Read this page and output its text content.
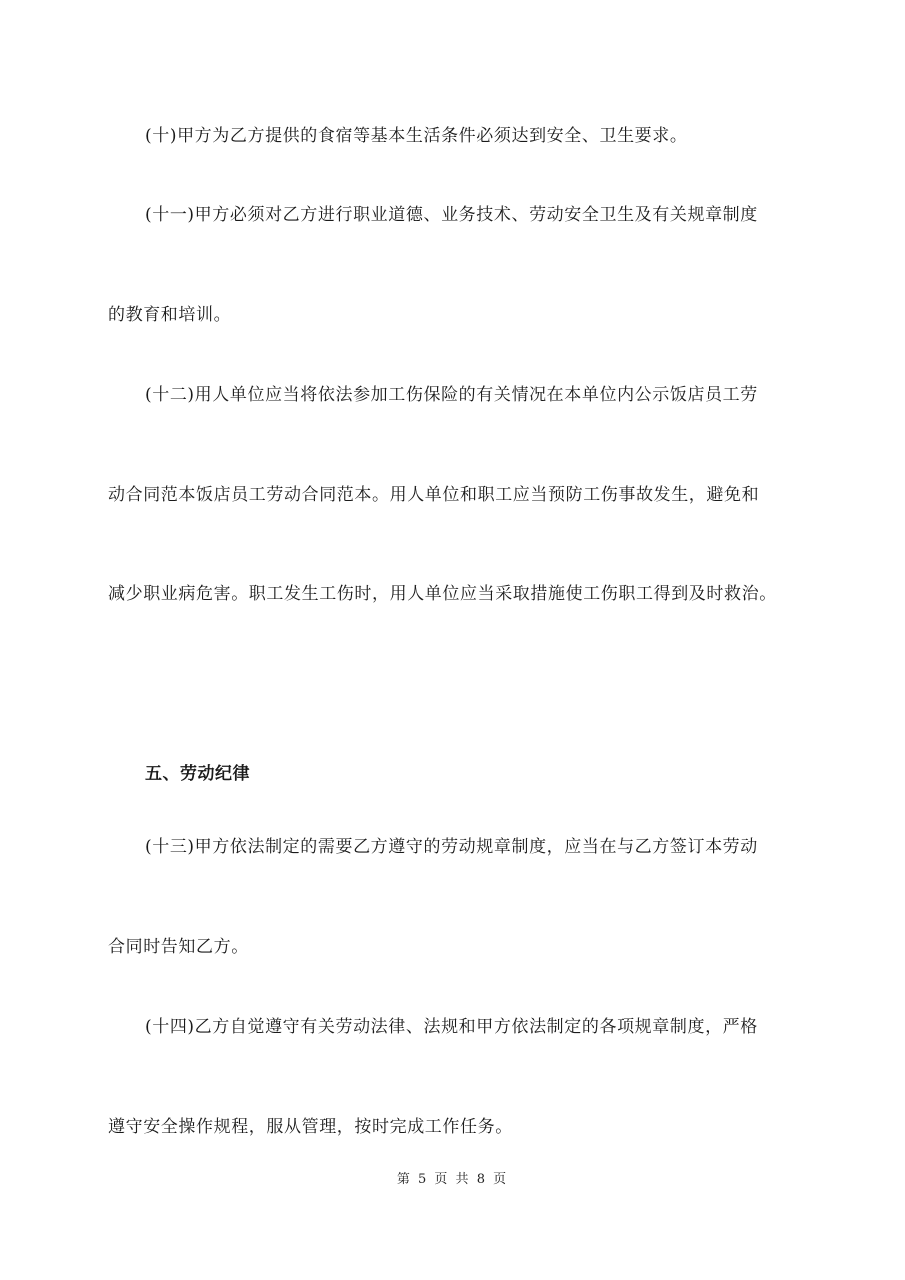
(十)甲方为乙方提供的食宿等基本生活条件必须达到安全、卫生要求。
(十一)甲方必须对乙方进行职业道德、业务技术、劳动安全卫生及有关规章制度
的教育和培训。
(十二)用人单位应当将依法参加工伤保险的有关情况在本单位内公示饭店员工劳
动合同范本饭店员工劳动合同范本。用人单位和职工应当预防工伤事故发生，避免和
减少职业病危害。职工发生工伤时，用人单位应当采取措施使工伤职工得到及时救治。
五、劳动纪律
(十三)甲方依法制定的需要乙方遵守的劳动规章制度，应当在与乙方签订本劳动
合同时告知乙方。
(十四)乙方自觉遵守有关劳动法律、法规和甲方依法制定的各项规章制度，严格
遵守安全操作规程，服从管理，按时完成工作任务。
第 5 页 共 8 页
